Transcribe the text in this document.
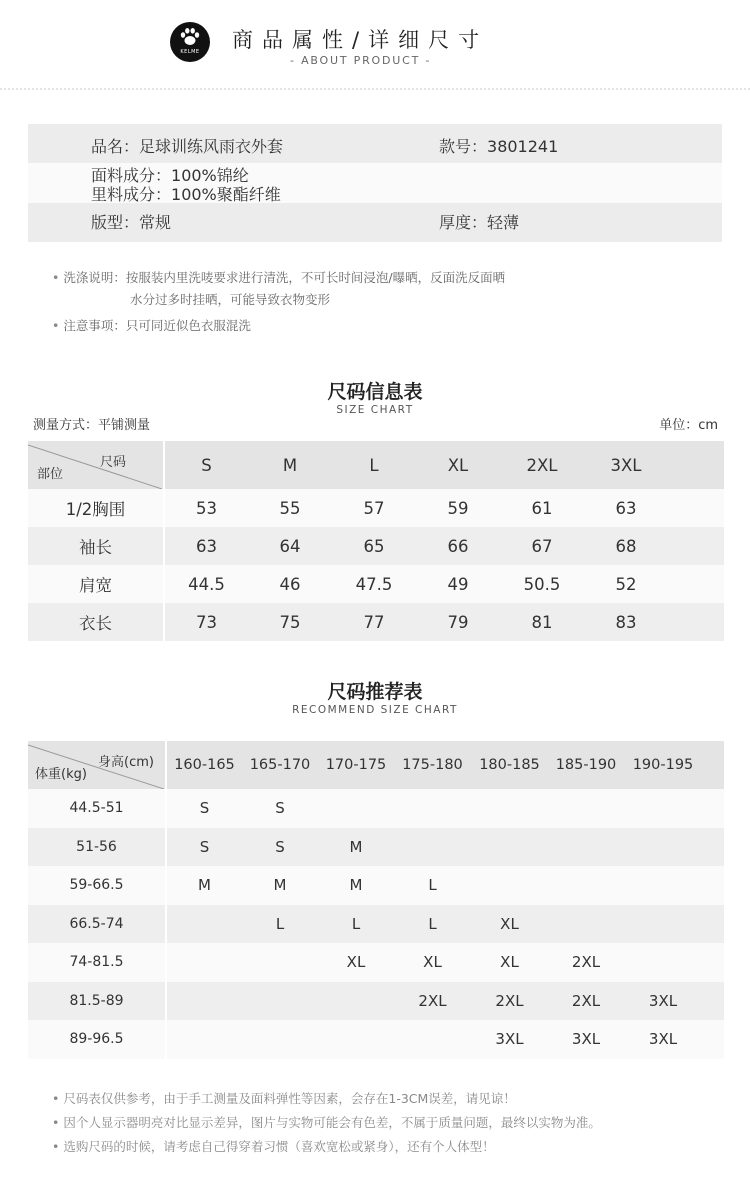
KELME	商品属性/详细尺寸
- ABOUT PRODUCT -
品名：足球训练风雨衣外套	款号：3801241
面料成分：100%锦纶
里料成分：100%聚酯纤维
版型：常规	厚度：轻薄
• 洗涤说明：按服装内里洗唛要求进行清洗，不可长时间浸泡/曝晒，反面洗反面晒
水分过多时挂晒，可能导致衣物变形
• 注意事项：只可同近似色衣服混洗
尺码信息表
SIZE CHART
测量方式：平铺测量	单位：cm
尺码
部位	S	M	L	XL	2XL	3XL	
1/2胸围	53	55	57	59	61	63	
袖长	63	64	65	66	67	68	
肩宽	44.5	46	47.5	49	50.5	52	
衣长	73	75	77	79	81	83	
尺码推荐表
RECOMMEND SIZE CHART
身高(cm)
体重(kg)	160-165	165-170	170-175	175-180	180-185	185-190	190-195	
44.5-51	S	S						
51-56	S	S	M					
59-66.5	M	M	M	L				
66.5-74		L	L	L	XL			
74-81.5			XL	XL	XL	2XL		
81.5-89				2XL	2XL	2XL	3XL	
89-96.5					3XL	3XL	3XL	
• 尺码表仅供参考，由于手工测量及面料弹性等因素，会存在1-3CM误差，请见谅！
• 因个人显示器明亮对比显示差异，图片与实物可能会有色差，不属于质量问题，最终以实物为准。
• 选购尺码的时候，请考虑自己得穿着习惯（喜欢宽松或紧身），还有个人体型！
